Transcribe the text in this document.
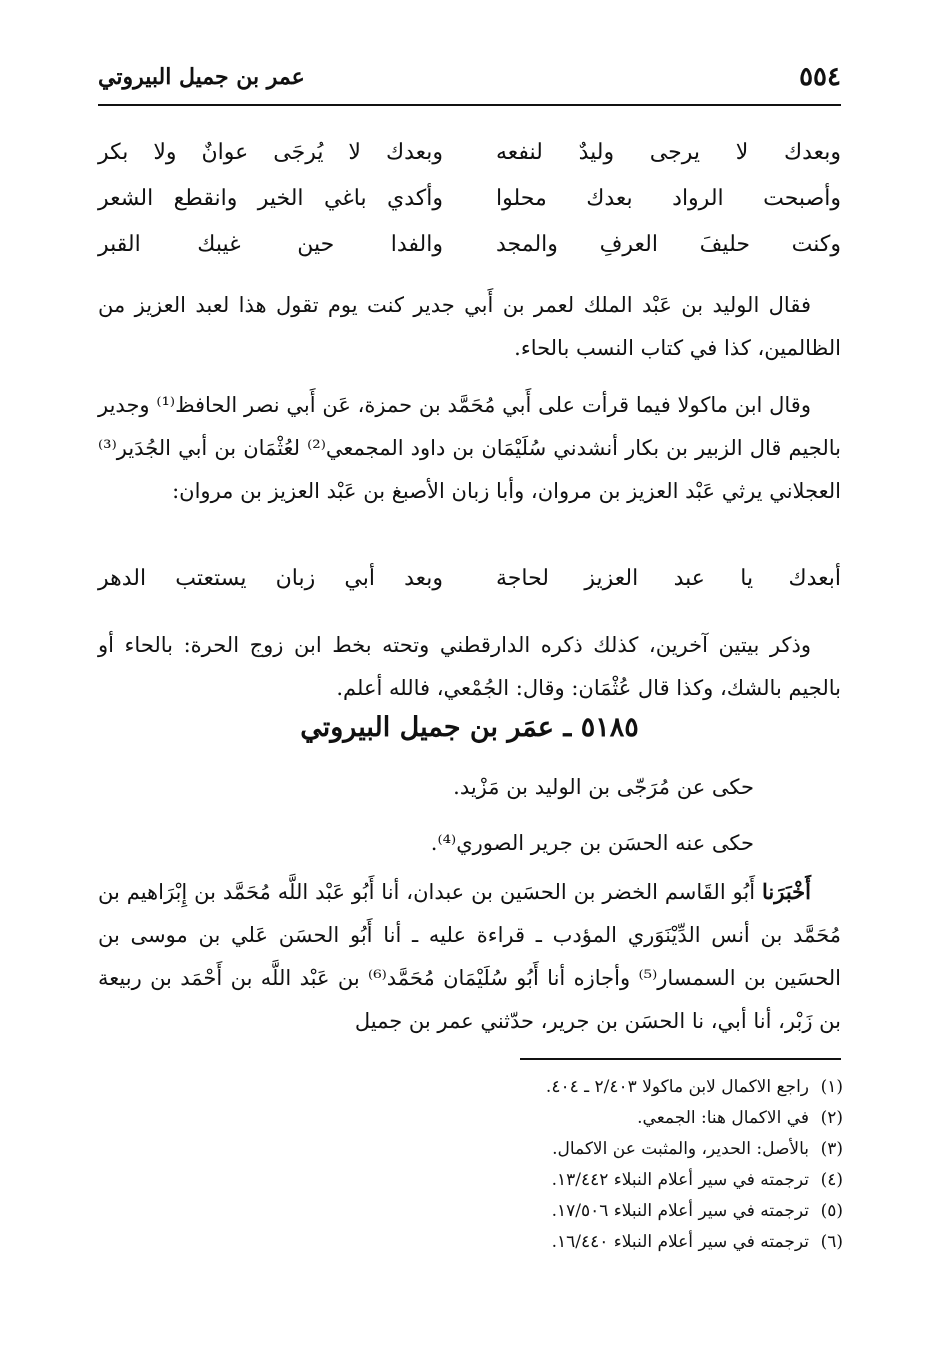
٥٥٤
عمر بن جميل البيروتي
وبعدك لا يرجى وليدٌ لنفعه
وبعدك لا يُرجَى عوانٌ ولا بكر
وأصبحت الرواد بعدك محلوا
وأكدي باغي الخير وانقطع الشعر
وكنت حليفَ العرفِ والمجد
والفدا حين غيبك القبر
فقال الوليد بن عَبْد الملك لعمر بن أَبي جدير كنت يوم تقول هذا لعبد العزيز من الظالمين، كذا في كتاب النسب بالحاء.
وقال ابن ماكولا فيما قرأت على أَبي مُحَمَّد بن حمزة، عَن أَبي نصر الحافظ⁽¹⁾ وجدير بالجيم قال الزبير بن بكار أنشدني سُلَيْمَان بن داود المجمعي⁽²⁾ لعُثْمَان بن أبي الجُدَير⁽³⁾ العجلاني يرثي عَبْد العزيز بن مروان، وأبا زبان الأصبغ بن عَبْد العزيز بن مروان:
أبعدك يا عبد العزيز لحاجة
وبعد أبي زبان يستعتب الدهر
وذكر بيتين آخرين، كذلك ذكره الدارقطني وتحته بخط ابن زوج الحرة: بالحاء أو بالجيم بالشك، وكذا قال عُثْمَان: وقال: الجُمْعي، فالله أعلم.
٥١٨٥ ـ عمَر بن جميل البيروتي
حكى عن مُرَجّى بن الوليد بن مَزْيد.
حكى عنه الحسَن بن جرير الصوري⁽⁴⁾.
أَخْبَرَنا أَبُو القَاسم الخضر بن الحسَين بن عبدان، أنا أَبُو عَبْد اللَّه مُحَمَّد بن إِبْرَاهيم بن مُحَمَّد بن أنس الدِّيْنَوَري المؤدب ـ قراءة عليه ـ أنا أَبُو الحسَن عَلي بن موسى بن الحسَين بن السمسار⁽⁵⁾ وأجازه أنا أَبُو سُلَيْمَان مُحَمَّد⁽⁶⁾ بن عَبْد اللَّه بن أَحْمَد بن ربيعة بن زَبْر، أنا أبي، نا الحسَن بن جرير، حدّثني عمر بن جميل
(١)راجع الاكمال لابن ماكولا ٢/٤٠٣ ـ ٤٠٤.
(٢)في الاكمال هنا: الجمعي.
(٣)بالأصل: الحدير، والمثبت عن الاكمال.
(٤)ترجمته في سير أعلام النبلاء ١٣/٤٤٢.
(٥)ترجمته في سير أعلام النبلاء ١٧/٥٠٦.
(٦)ترجمته في سير أعلام النبلاء ١٦/٤٤٠.
